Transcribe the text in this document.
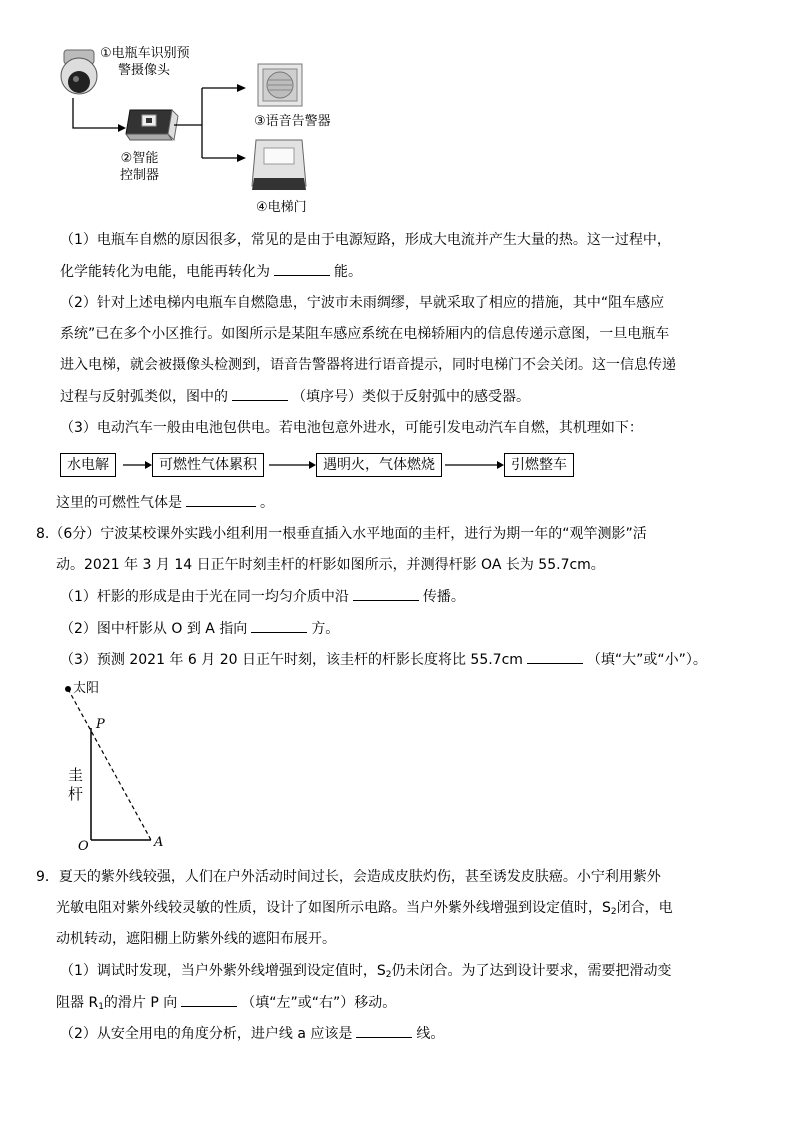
①电瓶车识别预
警摄像头
②智能
控制器
③语音告警器
④电梯门
（1）电瓶车自燃的原因很多，常见的是由于电源短路，形成大电流并产生大量的热。这一过程中，
化学能转化为电能，电能再转化为	能。
（2）针对上述电梯内电瓶车自燃隐患，宁波市未雨绸缪，早就采取了相应的措施，其中“阻车感应
系统”已在多个小区推行。如图所示是某阻车感应系统在电梯轿厢内的信息传递示意图，一旦电瓶车
进入电梯，就会被摄像头检测到，语音告警器将进行语音提示，同时电梯门不会关闭。这一信息传递
过程与反射弧类似，图中的	（填序号）类似于反射弧中的感受器。
（3）电动汽车一般由电池包供电。若电池包意外进水，可能引发电动汽车自燃，其机理如下：
水电解	可燃性气体累积	遇明火，气体燃烧	引燃整车
这里的可燃性气体是	。
8.（6分）宁波某校课外实践小组利用一根垂直插入水平地面的圭杆，进行为期一年的“观竿测影”活
动。2021 年 3 月 14 日正午时刻圭杆的杆影如图所示，并测得杆影 OA 长为 55.7cm。
（1）杆影的形成是由于光在同一均匀介质中沿	传播。
（2）图中杆影从 O 到 A 指向	方。
（3）预测 2021 年 6 月 20 日正午时刻，该圭杆的杆影长度将比 55.7cm	（填“大”或“小”）。
太阳
P
圭
杆
O	A
9．夏天的紫外线较强，人们在户外活动时间过长，会造成皮肤灼伤，甚至诱发皮肤癌。小宁利用紫外
光敏电阻对紫外线较灵敏的性质，设计了如图所示电路。当户外紫外线增强到设定值时，$S_2$闭合，电
动机转动，遮阳棚上防紫外线的遮阳布展开。
（1）调试时发现，当户外紫外线增强到设定值时，$S_2$仍未闭合。为了达到设计要求，需要把滑动变
阻器 $R_1$的滑片 P 向	（填“左”或“右”）移动。
（2）从安全用电的角度分析，进户线 a 应该是	线。
